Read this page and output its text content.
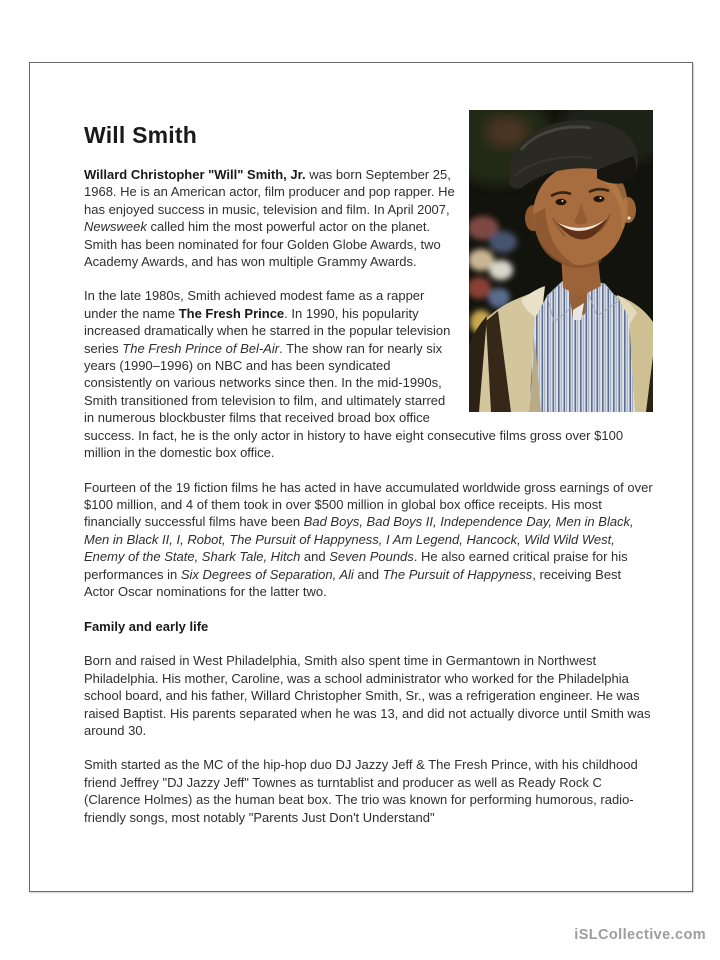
Will Smith

Willard Christopher "Will" Smith, Jr. was born September 25, 1968. He is an American actor, film producer and pop rapper. He has enjoyed success in music, television and film. In April 2007, Newsweek called him the most powerful actor on the planet. Smith has been nominated for four Golden Globe Awards, two Academy Awards, and has won multiple Grammy Awards.

In the late 1980s, Smith achieved modest fame as a rapper under the name The Fresh Prince. In 1990, his popularity increased dramatically when he starred in the popular television series The Fresh Prince of Bel-Air. The show ran for nearly six years (1990–1996) on NBC and has been syndicated consistently on various networks since then. In the mid-1990s, Smith transitioned from television to film, and ultimately starred in numerous blockbuster films that received broad box office success. In fact, he is the only actor in history to have eight consecutive films gross over $100 million in the domestic box office.

Fourteen of the 19 fiction films he has acted in have accumulated worldwide gross earnings of over $100 million, and 4 of them took in over $500 million in global box office receipts. His most financially successful films have been Bad Boys, Bad Boys II, Independence Day, Men in Black, Men in Black II, I, Robot, The Pursuit of Happyness, I Am Legend, Hancock, Wild Wild West, Enemy of the State, Shark Tale, Hitch and Seven Pounds. He also earned critical praise for his performances in Six Degrees of Separation, Ali and The Pursuit of Happyness, receiving Best Actor Oscar nominations for the latter two.

Family and early life

Born and raised in West Philadelphia, Smith also spent time in Germantown in Northwest Philadelphia. His mother, Caroline, was a school administrator who worked for the Philadelphia school board, and his father, Willard Christopher Smith, Sr., was a refrigeration engineer. He was raised Baptist. His parents separated when he was 13, and did not actually divorce until Smith was around 30.

Smith started as the MC of the hip-hop duo DJ Jazzy Jeff & The Fresh Prince, with his childhood friend Jeffrey "DJ Jazzy Jeff" Townes as turntablist and producer as well as Ready Rock C (Clarence Holmes) as the human beat box. The trio was known for performing humorous, radio-friendly songs, most notably "Parents Just Don't Understand"

iSLCollective.com
